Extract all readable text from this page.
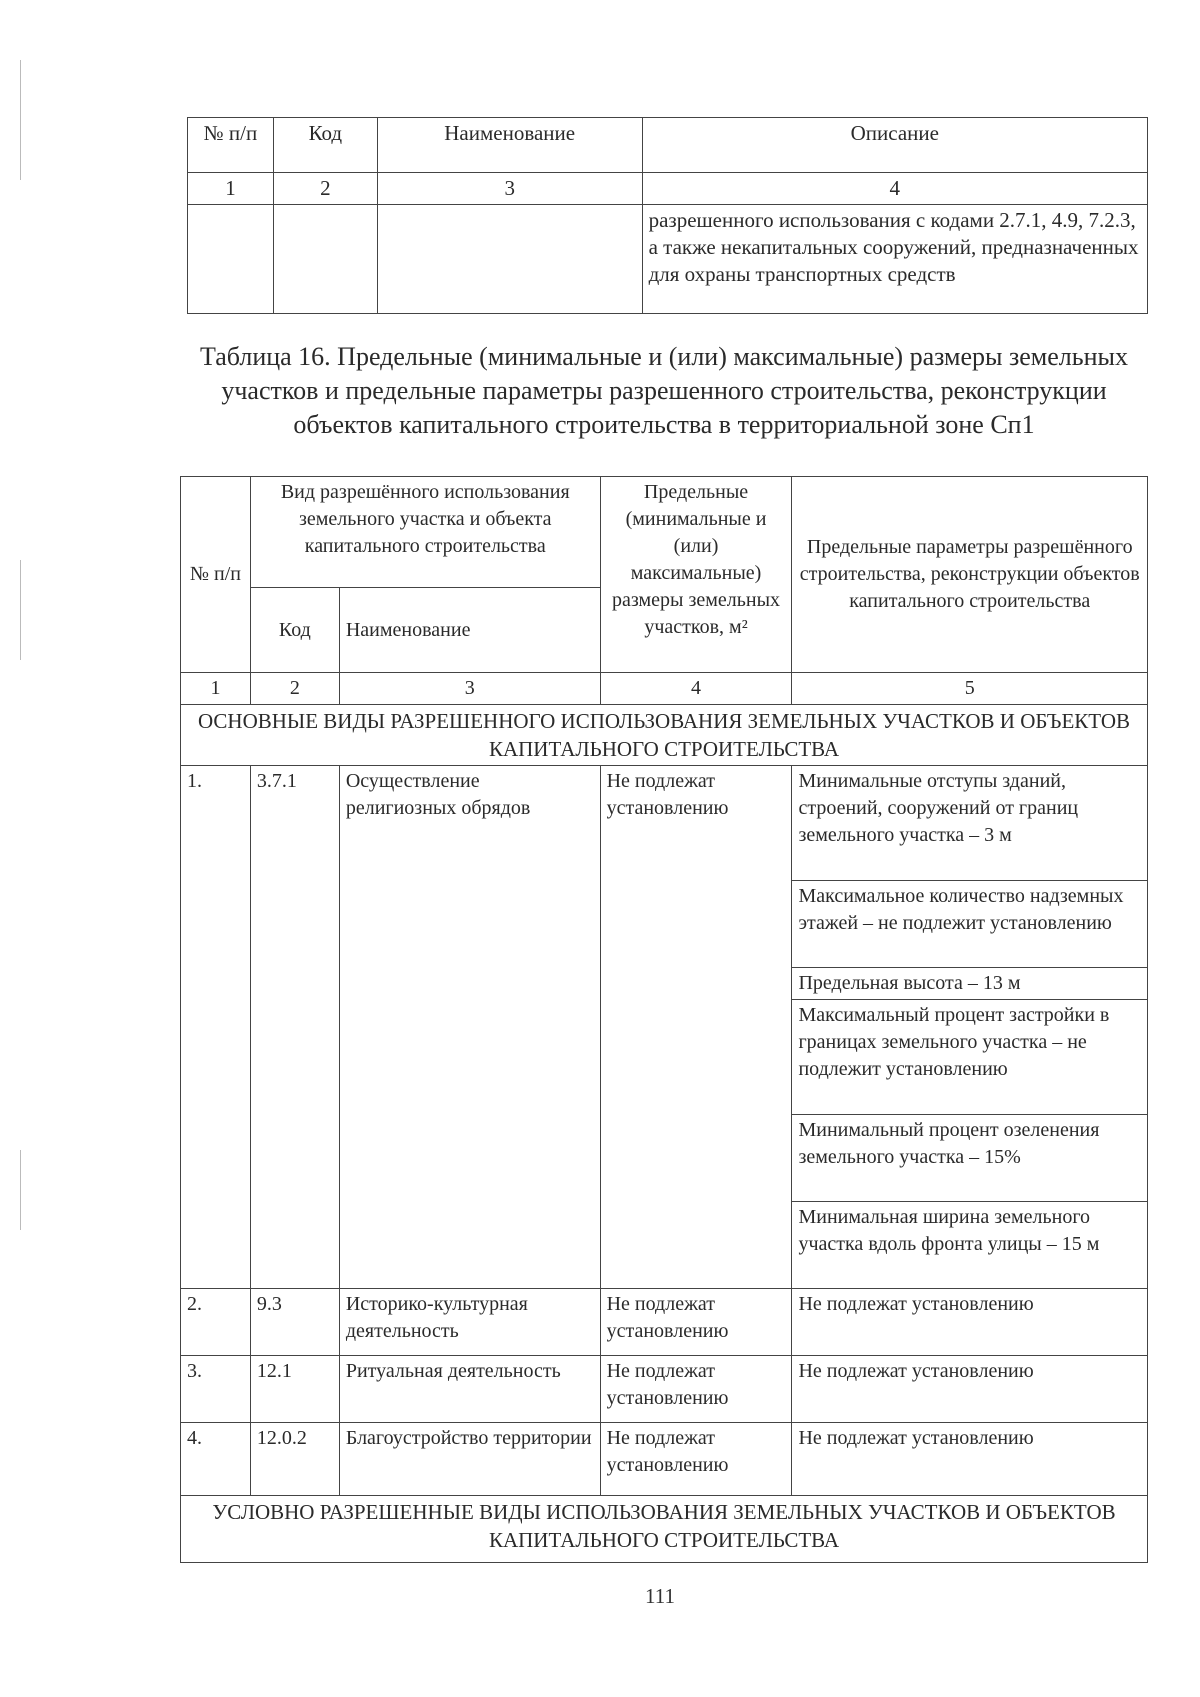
№ п/п	Код	Наименование	Описание
1	2	3	4
			разрешенного использования с кодами 2.7.1, 4.9, 7.2.3, а также некапитальных сооружений, предназначенных для охраны транспортных средств
Таблица 16. Предельные (минимальные и (или) максимальные) размеры земельных участков и предельные параметры разрешенного строительства, реконструкции объектов капитального строительства в территориальной зоне Сп1
№ п/п	Вид разрешённого использования земельного участка и объекта капитального строительства	Предельные (минимальные и (или) максимальные) размеры земельных участков, м²	Предельные параметры разрешённого строительства, реконструкции объектов капитального строительства
Код	Наименование
1	2	3	4	5
ОСНОВНЫЕ ВИДЫ РАЗРЕШЕННОГО ИСПОЛЬЗОВАНИЯ ЗЕМЕЛЬНЫХ УЧАСТКОВ И ОБЪЕКТОВ КАПИТАЛЬНОГО СТРОИТЕЛЬСТВА
1.	3.7.1	Осуществление религиозных обрядов	Не подлежат установлению	
Минимальные отступы зданий, строений, сооружений от границ земельного участка – 3 м
Максимальное количество надземных этажей – не подлежит установлению
Предельная высота – 13 м
Максимальный процент застройки в границах земельного участка – не подлежит установлению
Минимальный процент озеленения земельного участка – 15%
Минимальная ширина земельного участка вдоль фронта улицы – 15 м

2.	9.3	Историко-культурная деятельность	Не подлежат установлению	Не подлежат установлению
3.	12.1	Ритуальная деятельность	Не подлежат установлению	Не подлежат установлению
4.	12.0.2	Благоустройство территории	Не подлежат установлению	Не подлежат установлению
УСЛОВНО РАЗРЕШЕННЫЕ ВИДЫ ИСПОЛЬЗОВАНИЯ ЗЕМЕЛЬНЫХ УЧАСТКОВ И ОБЪЕКТОВ КАПИТАЛЬНОГО СТРОИТЕЛЬСТВА
111
